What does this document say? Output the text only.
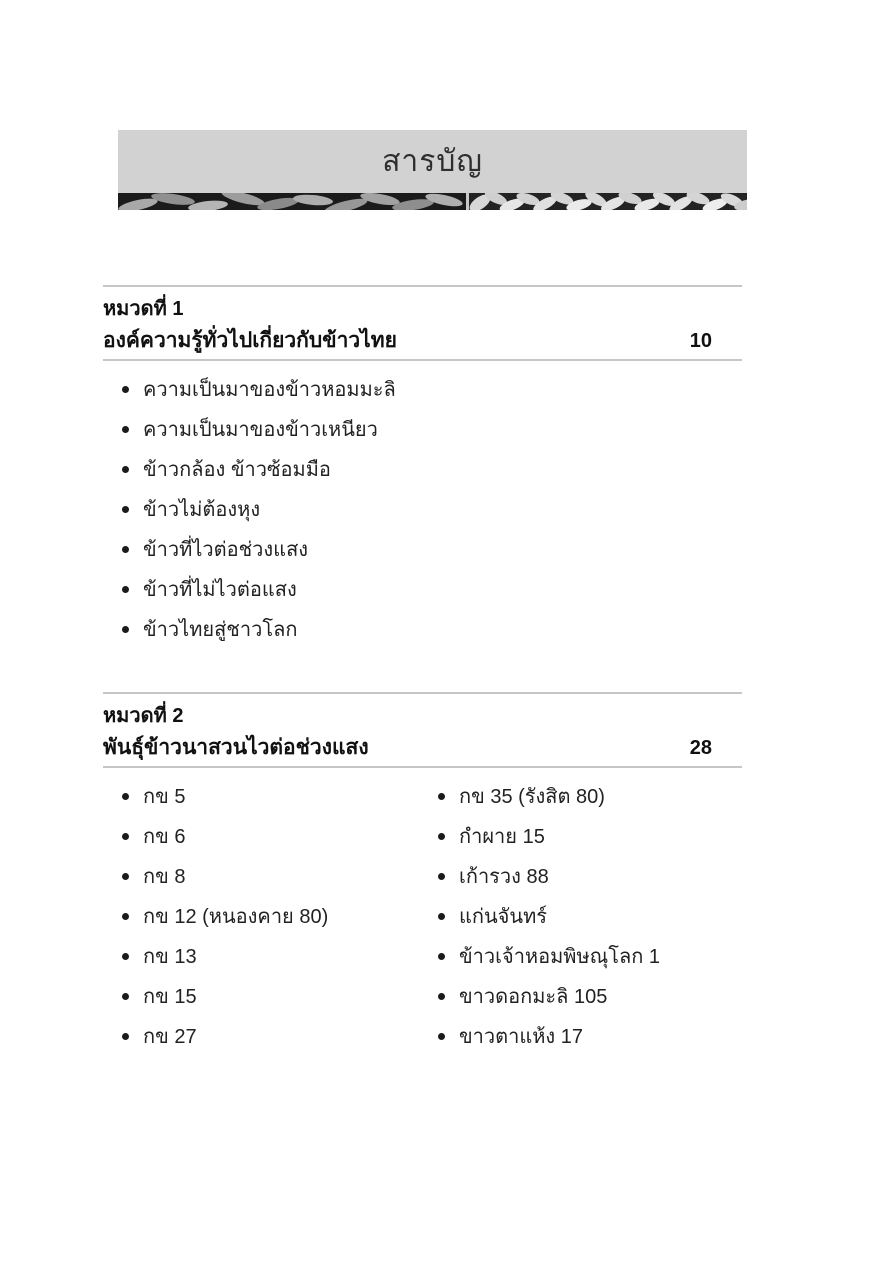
สารบัญ
หมวดที่ 1
องค์ความรู้ทั่วไปเกี่ยวกับข้าวไทย	10
ความเป็นมาของข้าวหอมมะลิ
ความเป็นมาของข้าวเหนียว
ข้าวกล้อง ข้าวซ้อมมือ
ข้าวไม่ต้องหุง
ข้าวที่ไวต่อช่วงแสง
ข้าวที่ไม่ไวต่อแสง
ข้าวไทยสู่ชาวโลก
หมวดที่ 2
พันธุ์ข้าวนาสวนไวต่อช่วงแสง	28
กข 5
กข 6
กข 8
กข 12 (หนองคาย 80)
กข 13
กข 15
กข 27
กข 35 (รังสิต 80)
กำผาย 15
เก้ารวง 88
แก่นจันทร์
ข้าวเจ้าหอมพิษณุโลก 1
ขาวดอกมะลิ 105
ขาวตาแห้ง 17
